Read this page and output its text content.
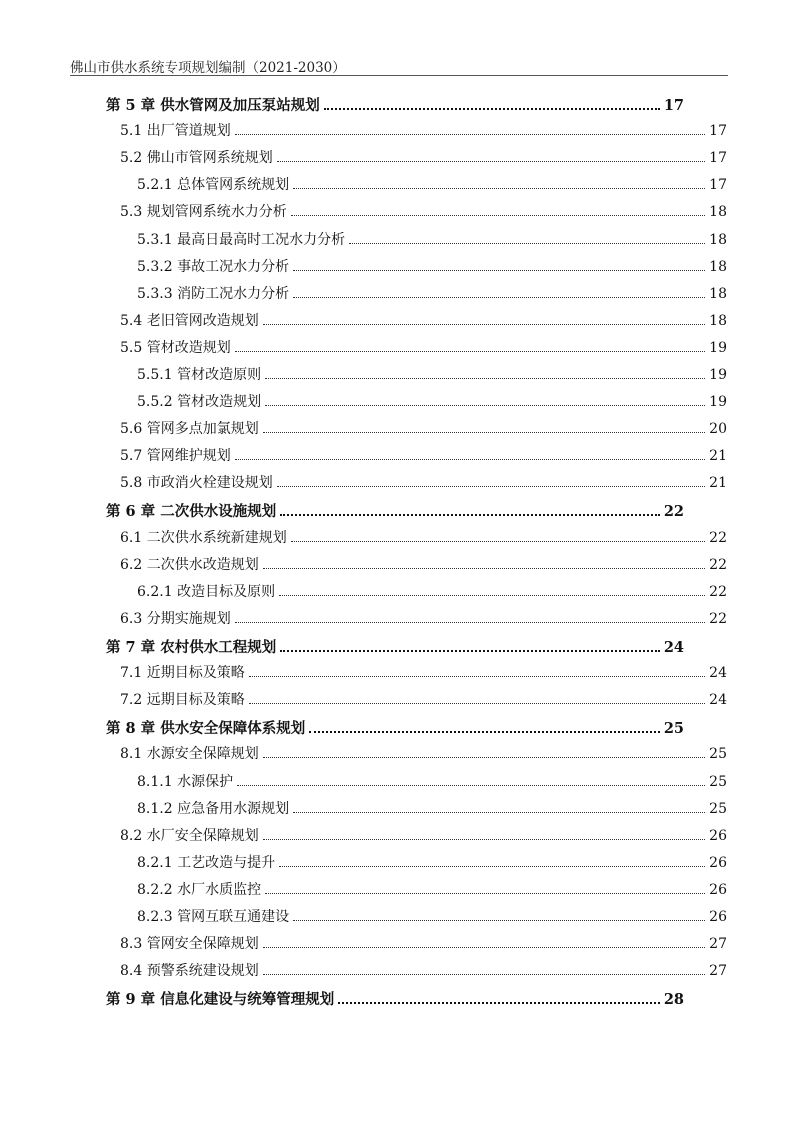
佛山市供水系统专项规划编制（2021-2030）
第 5 章 供水管网及加压泵站规划	17
5.1 出厂管道规划	17
5.2 佛山市管网系统规划	17
5.2.1 总体管网系统规划	17
5.3 规划管网系统水力分析	18
5.3.1 最高日最高时工况水力分析	18
5.3.2 事故工况水力分析	18
5.3.3 消防工况水力分析	18
5.4 老旧管网改造规划	18
5.5 管材改造规划	19
5.5.1 管材改造原则	19
5.5.2 管材改造规划	19
5.6 管网多点加氯规划	20
5.7 管网维护规划	21
5.8 市政消火栓建设规划	21
第 6 章 二次供水设施规划	22
6.1 二次供水系统新建规划	22
6.2 二次供水改造规划	22
6.2.1 改造目标及原则	22
6.3 分期实施规划	22
第 7 章 农村供水工程规划	24
7.1 近期目标及策略	24
7.2 远期目标及策略	24
第 8 章 供水安全保障体系规划	25
8.1 水源安全保障规划	25
8.1.1 水源保护	25
8.1.2 应急备用水源规划	25
8.2 水厂安全保障规划	26
8.2.1 工艺改造与提升	26
8.2.2 水厂水质监控	26
8.2.3 管网互联互通建设	26
8.3 管网安全保障规划	27
8.4 预警系统建设规划	27
第 9 章 信息化建设与统筹管理规划	28
